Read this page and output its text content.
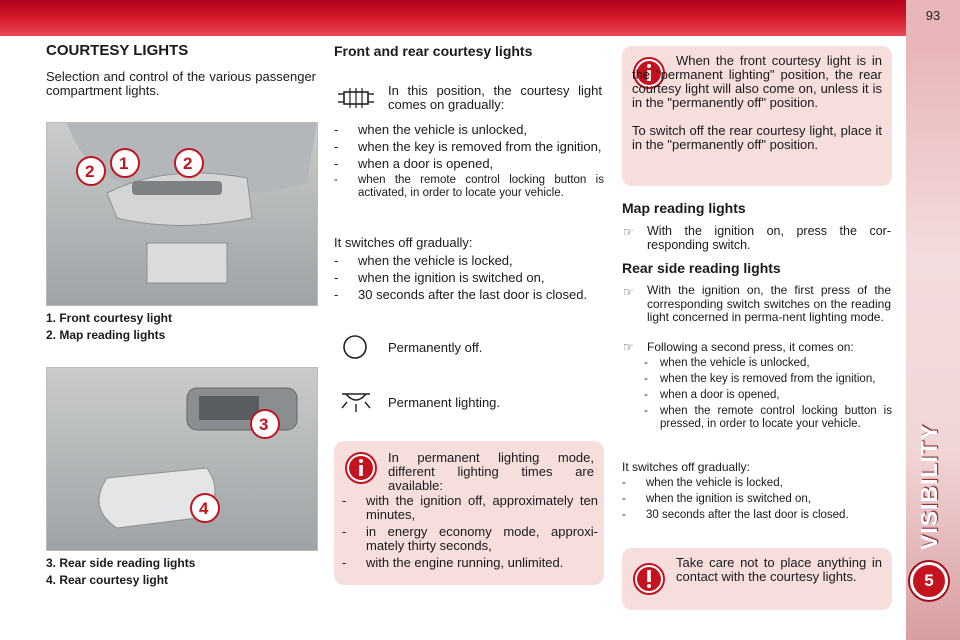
93
VISIBILITY
5
COURTESY LIGHTS
Selection and control of the various passenger compartment lights.
2 1	2
1. Front courtesy light
2. Map reading lights
3
4
3. Rear side reading lights
4. Rear courtesy light
Front and rear courtesy lights
In this position, the courtesy light comes on gradually:
- when the vehicle is unlocked,
- when the key is removed from the ignition,
- when a door is opened,
- when the remote control locking button is activated, in order to locate your vehicle.
It switches off gradually:
- when the vehicle is locked,
- when the ignition is switched on,
- 30 seconds after the last door is closed.
Permanently off.
Permanent lighting.
In permanent lighting mode, different lighting times are available:
- with the ignition off, approximately ten minutes,
- in energy economy mode, approxi-mately thirty seconds,
- with the engine running, unlimited.
When the front courtesy light is in the "permanent lighting" position, the rear courtesy light will also come on, unless it is in the "permanently off" position.
To switch off the rear courtesy light, place it in the "permanently off" position.
Map reading lights
☞ With the ignition on, press the cor-responding switch.
Rear side reading lights
☞ With the ignition on, the first press of the corresponding switch switches on the reading light concerned in perma-nent lighting mode.
☞ Following a second press, it comes on:
- when the vehicle is unlocked,
- when the key is removed from the ignition,
- when a door is opened,
- when the remote control locking button is pressed, in order to locate your vehicle.
It switches off gradually:
- when the vehicle is locked,
- when the ignition is switched on,
- 30 seconds after the last door is closed.
Take care not to place anything in contact with the courtesy lights.
